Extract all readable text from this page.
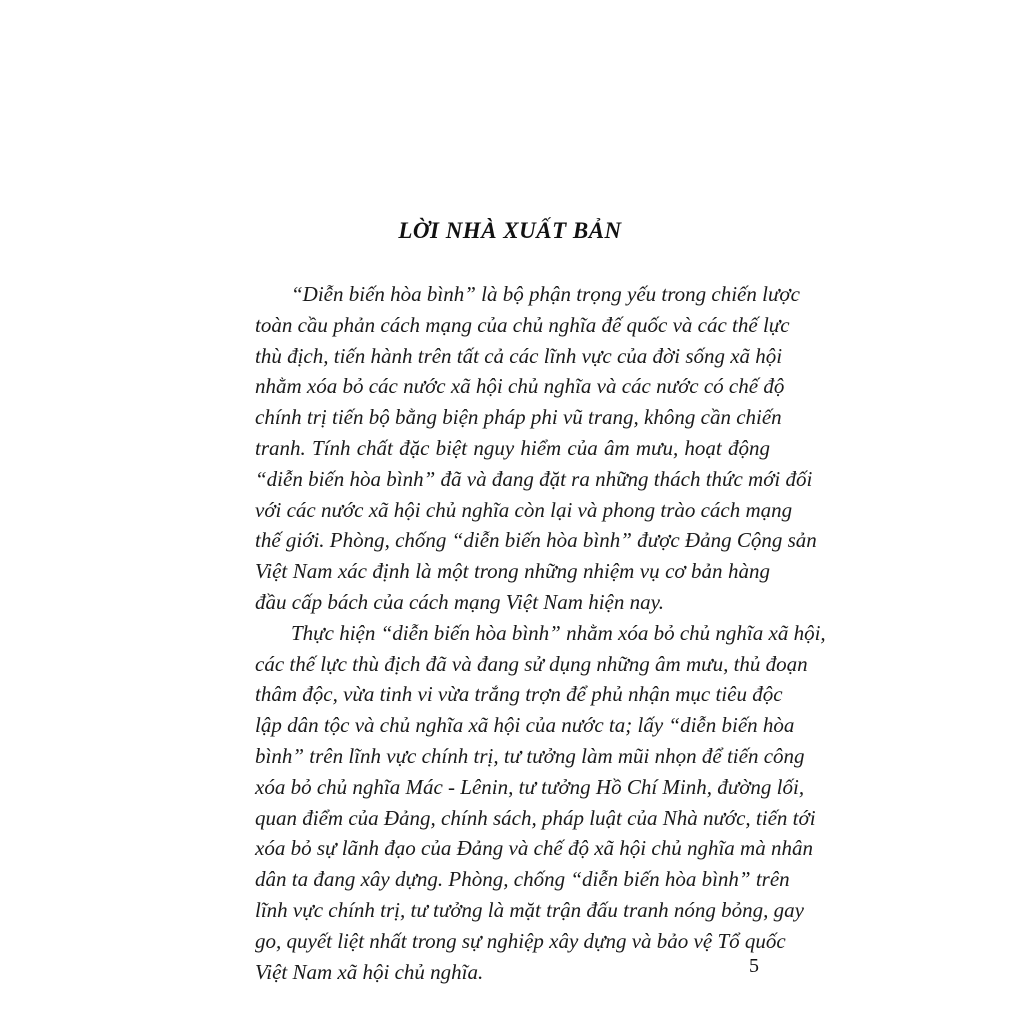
LỜI NHÀ XUẤT BẢN
“Diễn biến hòa bình” là bộ phận trọng yếu trong chiến lược
toàn cầu phản cách mạng của chủ nghĩa đế quốc và các thế lực
thù địch, tiến hành trên tất cả các lĩnh vực của đời sống xã hội
nhằm xóa bỏ các nước xã hội chủ nghĩa và các nước có chế độ
chính trị tiến bộ bằng biện pháp phi vũ trang, không cần chiến
tranh. Tính chất đặc biệt nguy hiểm của âm mưu, hoạt động
“diễn biến hòa bình” đã và đang đặt ra những thách thức mới đối
với các nước xã hội chủ nghĩa còn lại và phong trào cách mạng
thế giới. Phòng, chống “diễn biến hòa bình” được Đảng Cộng sản
Việt Nam xác định là một trong những nhiệm vụ cơ bản hàng
đầu cấp bách của cách mạng Việt Nam hiện nay.
Thực hiện “diễn biến hòa bình” nhằm xóa bỏ chủ nghĩa xã hội,
các thế lực thù địch đã và đang sử dụng những âm mưu, thủ đoạn
thâm độc, vừa tinh vi vừa trắng trợn để phủ nhận mục tiêu độc
lập dân tộc và chủ nghĩa xã hội của nước ta; lấy “diễn biến hòa
bình” trên lĩnh vực chính trị, tư tưởng làm mũi nhọn để tiến công
xóa bỏ chủ nghĩa Mác - Lênin, tư tưởng Hồ Chí Minh, đường lối,
quan điểm của Đảng, chính sách, pháp luật của Nhà nước, tiến tới
xóa bỏ sự lãnh đạo của Đảng và chế độ xã hội chủ nghĩa mà nhân
dân ta đang xây dựng. Phòng, chống “diễn biến hòa bình” trên
lĩnh vực chính trị, tư tưởng là mặt trận đấu tranh nóng bỏng, gay
go, quyết liệt nhất trong sự nghiệp xây dựng và bảo vệ Tổ quốc
Việt Nam xã hội chủ nghĩa.	5
